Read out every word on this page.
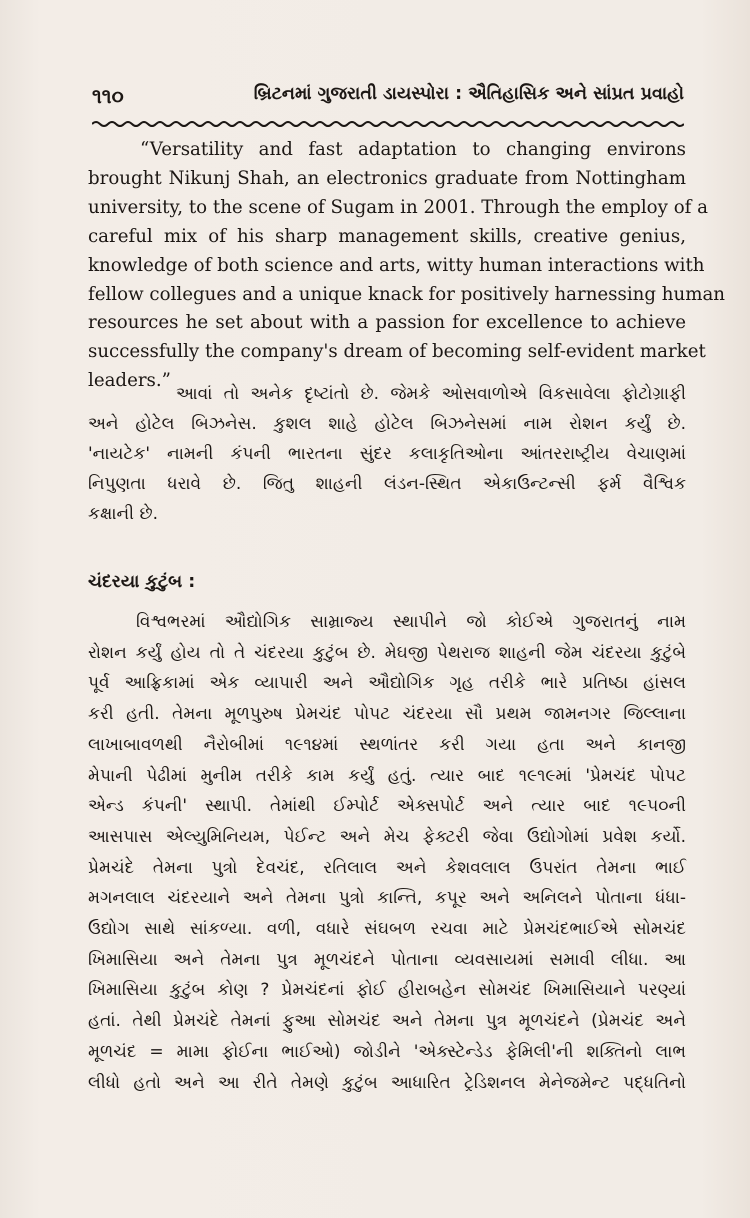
૧૧૦	બ્રિટનમાં ગુજરાતી ડાયસ્પોરા : ઐતિહાસિક અને સાંપ્રત પ્રવાહો
“Versatility and fast adaptation to changing environs
brought Nikunj Shah, an electronics graduate from Nottingham
university, to the scene of Sugam in 2001. Through the employ of a
careful mix of his sharp management skills, creative genius,
knowledge of both science and arts, witty human interactions with
fellow collegues and a unique knack for positively harnessing human
resources he set about with a passion for excellence to achieve
successfully the company's dream of becoming self-evident market
leaders.”
આવાં તો અનેક દૃષ્ટાંતો છે. જેમકે ઓસવાળોએ વિકસાવેલા ફોટોગ્રાફી
અને હોટેલ બિઝનેસ. કુશલ શાહે હોટેલ બિઝનેસમાં નામ રોશન કર્યું છે.
'નાયટેક' નામની કંપની ભારતના સુંદર કલાકૃતિઓના આંતરરાષ્ટ્રીય વેચાણમાં
નિપુણતા ધરાવે છે. જિતુ શાહની લંડન-સ્થિત એકાઉન્ટન્સી ફર્મ વૈશ્વિક
કક્ષાની છે.
ચંદરયા કુટુંબ :
વિશ્વભરમાં ઔદ્યોગિક સામ્રાજ્ય સ્થાપીને જો કોઈએ ગુજરાતનું નામ
રોશન કર્યું હોય તો તે ચંદરયા કુટુંબ છે. મેઘજી પેથરાજ શાહની જેમ ચંદરયા કુટુંબે
પૂર્વ આફ્રિકામાં એક વ્યાપારી અને ઔદ્યોગિક ગૃહ તરીકે ભારે પ્રતિષ્ઠા હાંસલ
કરી હતી. તેમના મૂળપુરુષ પ્રેમચંદ પોપટ ચંદરયા સૌ પ્રથમ જામનગર જિલ્લાના
લાખાબાવળથી નૈરોબીમાં ૧૯૧૪માં સ્થળાંતર કરી ગયા હતા અને કાનજી
મેપાની પેઢીમાં મુનીમ તરીકે કામ કર્યું હતું. ત્યાર બાદ ૧૯૧૯માં 'પ્રેમચંદ પોપટ
એન્ડ કંપની' સ્થાપી. તેમાંથી ઈમ્પોર્ટ એક્સપોર્ટ અને ત્યાર બાદ ૧૯૫૦ની
આસપાસ એલ્યુમિનિયમ, પેઈન્ટ અને મેચ ફેક્ટરી જેવા ઉદ્યોગોમાં પ્રવેશ કર્યો.
પ્રેમચંદે તેમના પુત્રો દેવચંદ, રતિલાલ અને કેશવલાલ ઉપરાંત તેમના ભાઈ
મગનલાલ ચંદરયાને અને તેમના પુત્રો કાન્તિ, કપૂર અને અનિલને પોતાના ધંધા-
ઉદ્યોગ સાથે સાંકળ્યા. વળી, વધારે સંઘબળ રચવા માટે પ્રેમચંદભાઈએ સોમચંદ
ખિમાસિયા અને તેમના પુત્ર મૂળચંદને પોતાના વ્યવસાયમાં સમાવી લીધા. આ
ખિમાસિયા કુટુંબ કોણ ? પ્રેમચંદનાં ફોઈ હીરાબહેન સોમચંદ ખિમાસિયાને પરણ્યાં
હતાં. તેથી પ્રેમચંદે તેમનાં ફુઆ સોમચંદ અને તેમના પુત્ર મૂળચંદને (પ્રેમચંદ અને
મૂળચંદ = મામા ફોઈના ભાઈઓ) જોડીને 'એક્સ્ટેન્ડેડ ફેમિલી'ની શક્તિનો લાભ
લીધો હતો અને આ રીતે તેમણે કુટુંબ આધારિત ટ્રેડિશનલ મેનેજમેન્ટ પદ્ધતિનો
